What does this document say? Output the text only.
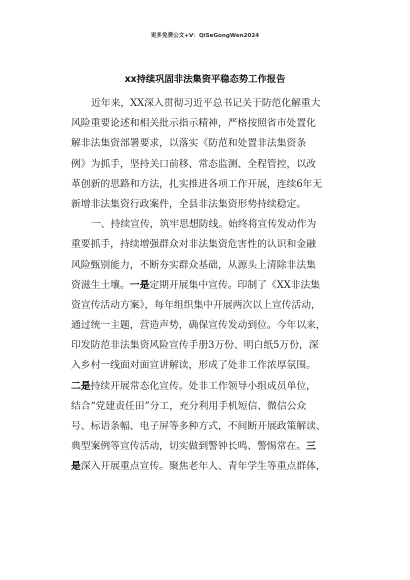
更多免费公文+V：QiSeGongWen2024
xx持续巩固非法集资平稳态势工作报告
近年来，XX深入贯彻习近平总书记关于防范化解重大
风险重要论述和相关批示指示精神，严格按照省市处置化
解非法集资部署要求，以落实《防范和处置非法集资条
例》为抓手，坚持关口前移、常态监测、全程管控，以改
革创新的思路和方法，扎实推进各项工作开展，连续6年无
新增非法集资行政案件，全县非法集资形势持续稳定。
一、持续宣传，筑牢思想防线。始终将宣传发动作为
重要抓手，持续增强群众对非法集资危害性的认识和金融
风险甄别能力，不断夯实群众基础，从源头上清除非法集
资滋生土壤。一是定期开展集中宣传。印制了《XX非法集
资宣传活动方案》，每年组织集中开展两次以上宣传活动，
通过统一主题，营造声势，确保宣传发动到位。今年以来，
印发防范非法集资风险宣传手册3万份、明白纸5万份，深
入乡村一线面对面宣讲解读，形成了处非工作浓厚氛围。
二是持续开展常态化宣传。处非工作领导小组成员单位，
结合“党建责任田”分工，充分利用手机短信、微信公众
号、标语条幅、电子屏等多种方式，不间断开展政策解读、
典型案例等宣传活动，切实做到警钟长鸣、警惕常在。三
是深入开展重点宣传。聚焦老年人、青年学生等重点群体，
